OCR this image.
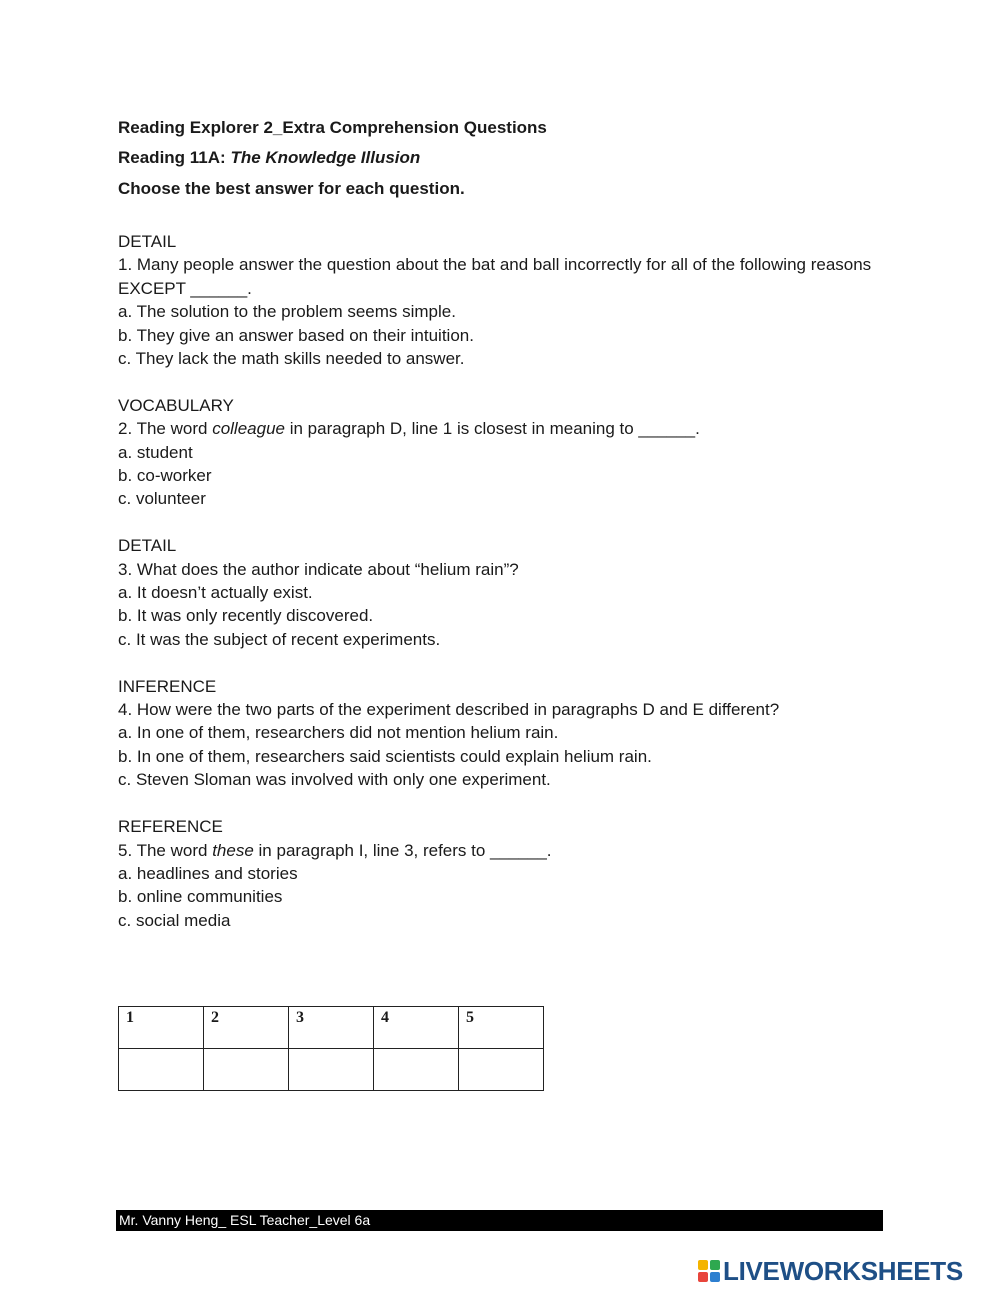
Reading Explorer 2_Extra Comprehension Questions
Reading 11A: The Knowledge Illusion
Choose the best answer for each question.
DETAIL
1. Many people answer the question about the bat and ball incorrectly for all of the following reasons EXCEPT ______.
a. The solution to the problem seems simple.
b. They give an answer based on their intuition.
c. They lack the math skills needed to answer.
VOCABULARY
2. The word colleague in paragraph D, line 1 is closest in meaning to ______.
a. student
b. co-worker
c. volunteer
DETAIL
3. What does the author indicate about “helium rain”?
a. It doesn’t actually exist.
b. It was only recently discovered.
c. It was the subject of recent experiments.
INFERENCE
4. How were the two parts of the experiment described in paragraphs D and E different?
a. In one of them, researchers did not mention helium rain.
b. In one of them, researchers said scientists could explain helium rain.
c. Steven Sloman was involved with only one experiment.
REFERENCE
5. The word these in paragraph I, line 3, refers to ______.
a. headlines and stories
b. online communities
c. social media
1	2	3	4	5

Mr. Vanny Heng_ ESL Teacher_Level 6a
LIVEWORKSHEETS
